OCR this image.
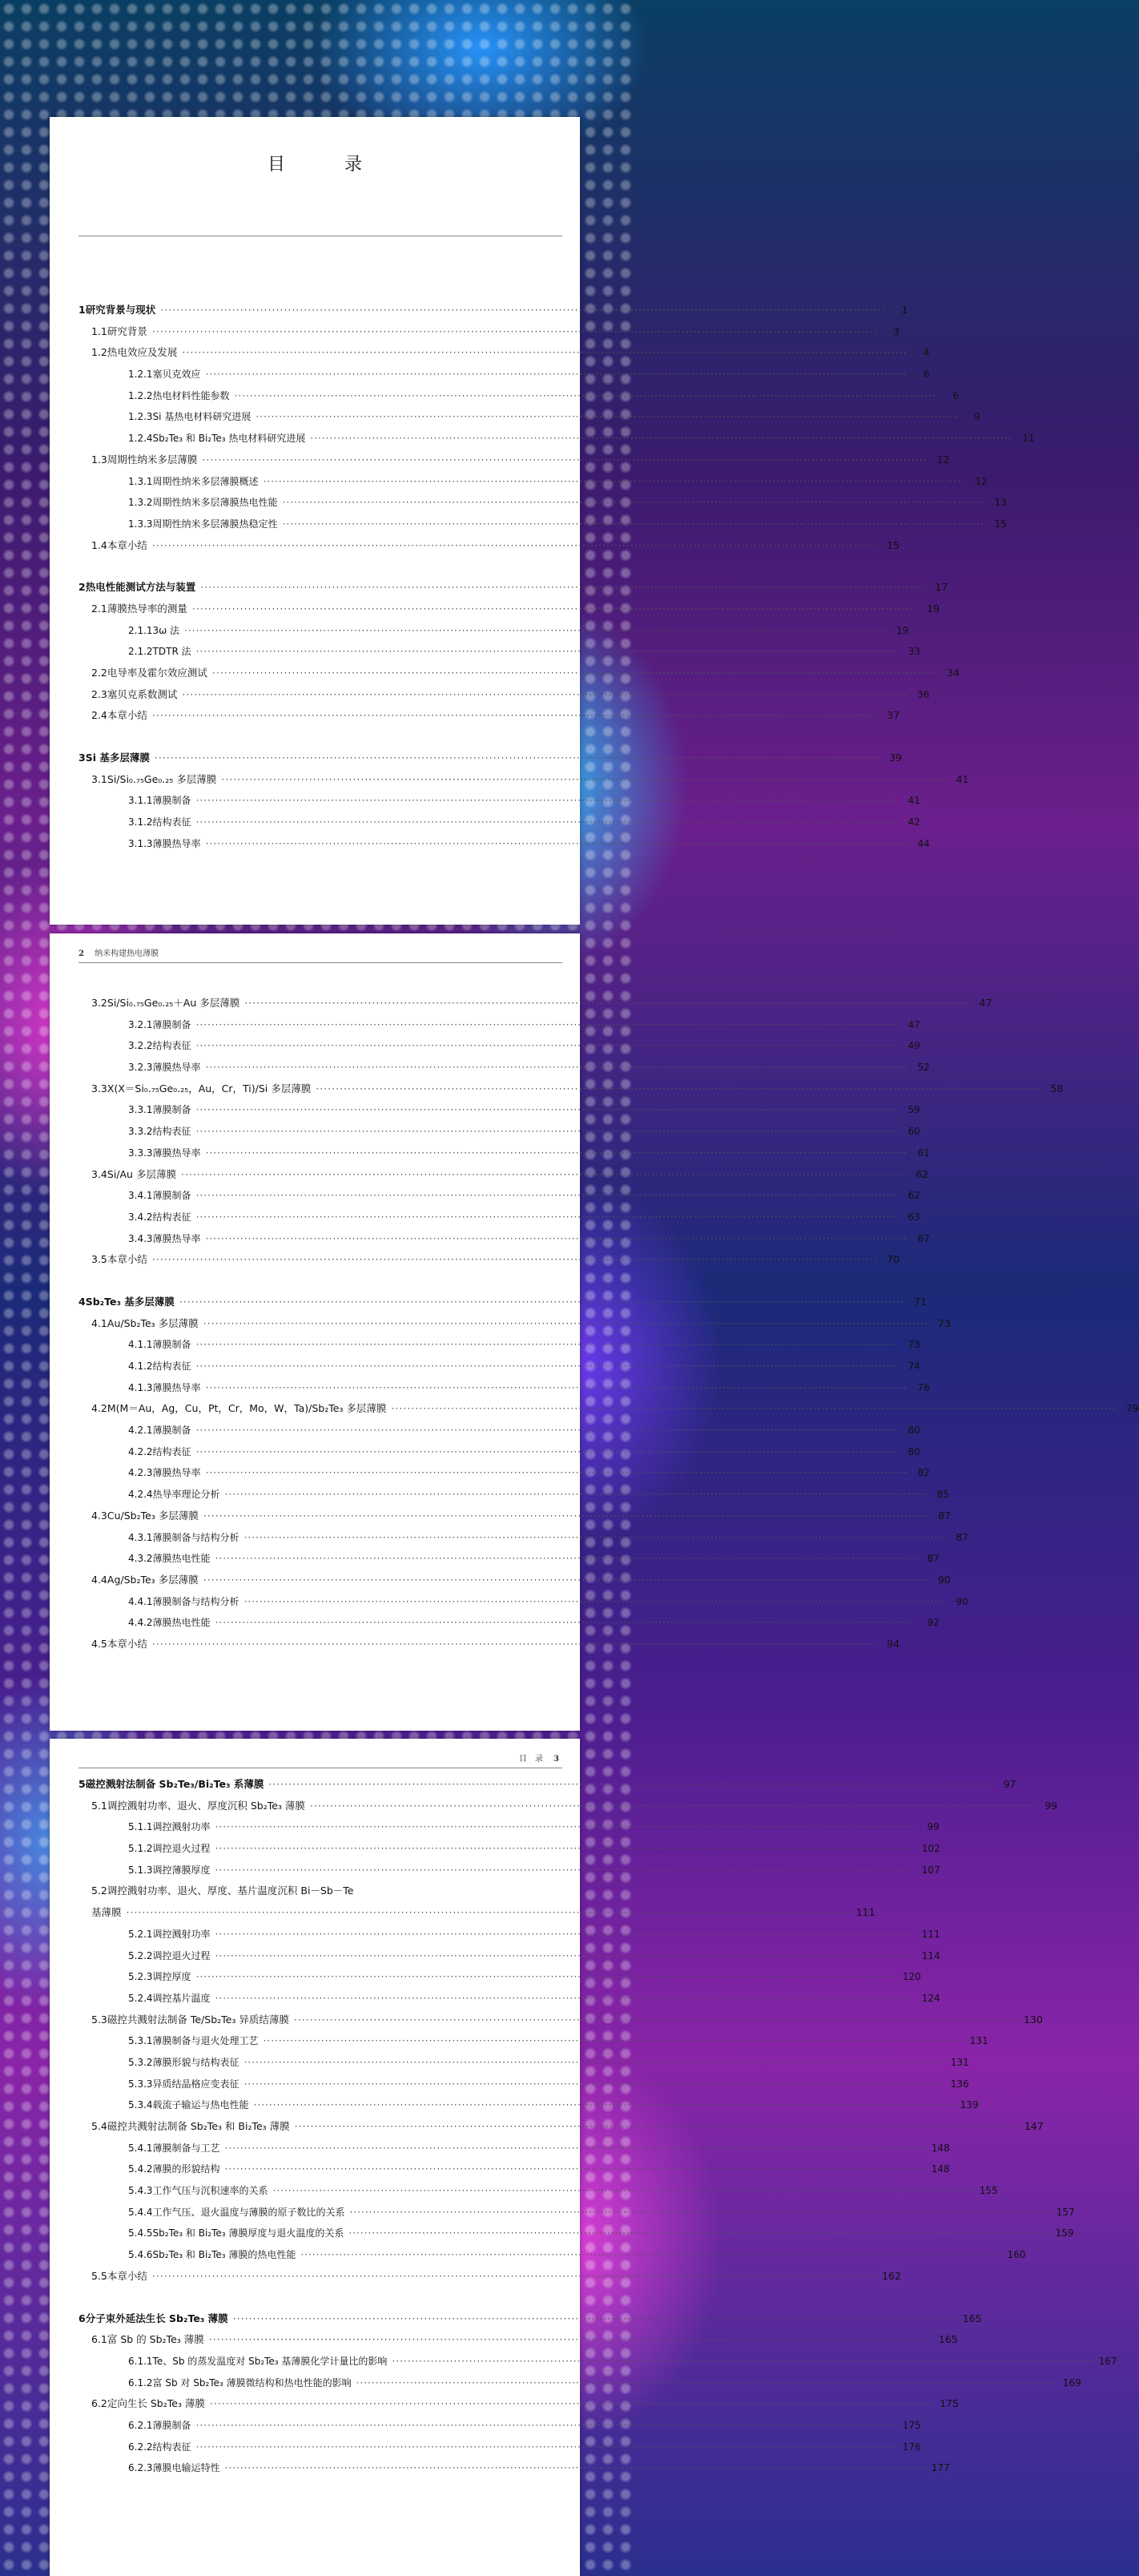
目　录
1 研究背景与现状 ·····	1
1.1 研究背景 ·····	3
1.2 热电效应及发展 ·····	4
1.2.1 塞贝克效应 ·····	6
1.2.2 热电材料性能参数 ·····	6
1.2.3 Si 基热电材料研究进展 ·····	9
1.2.4 Sb₂Te₃ 和 Bi₂Te₃ 热电材料研究进展 ·····	11
1.3 周期性纳米多层薄膜 ·····	12
1.3.1 周期性纳米多层薄膜概述 ·····	12
1.3.2 周期性纳米多层薄膜热电性能 ·····	13
1.3.3 周期性纳米多层薄膜热稳定性 ·····	15
1.4 本章小结 ·····	15
2 热电性能测试方法与装置 ·····	17
2.1 薄膜热导率的测量 ·····	19
2.1.1 3ω 法 ·····	19
2.1.2 TDTR 法 ·····	33
2.2 电导率及霍尔效应测试 ·····	34
2.3 塞贝克系数测试 ·····	36
2.4 本章小结 ·····	37
3 Si 基多层薄膜 ·····	39
3.1 Si/Si₀.₇₅Ge₀.₂₅ 多层薄膜 ·····	41
3.1.1 薄膜制备 ·····	41
3.1.2 结构表征 ·····	42
3.1.3 薄膜热导率 ·····	44
2 纳米构建热电薄膜
3.2 Si/Si₀.₇₅Ge₀.₂₅＋Au 多层薄膜 ·····	47
3.2.1 薄膜制备 ·····	47
3.2.2 结构表征 ·····	49
3.2.3 薄膜热导率 ·····	52
3.3 X(X＝Si₀.₇₅Ge₀.₂₅，Au，Cr，Ti)/Si 多层薄膜 ·····	58
3.3.1 薄膜制备 ·····	59
3.3.2 结构表征 ·····	60
3.3.3 薄膜热导率 ·····	61
3.4 Si/Au 多层薄膜 ·····	62
3.4.1 薄膜制备 ·····	62
3.4.2 结构表征 ·····	63
3.4.3 薄膜热导率 ·····	67
3.5 本章小结 ·····	70
4 Sb₂Te₃ 基多层薄膜 ·····	71
4.1 Au/Sb₂Te₃ 多层薄膜 ·····	73
4.1.1 薄膜制备 ·····	73
4.1.2 结构表征 ·····	74
4.1.3 薄膜热导率 ·····	76
4.2 M(M＝Au，Ag，Cu，Pt，Cr，Mo，W，Ta)/Sb₂Te₃ 多层薄膜 ·····	79
4.2.1 薄膜制备 ·····	80
4.2.2 结构表征 ·····	80
4.2.3 薄膜热导率 ·····	82
4.2.4 热导率理论分析 ·····	85
4.3 Cu/Sb₂Te₃ 多层薄膜 ·····	87
4.3.1 薄膜制备与结构分析 ·····	87
4.3.2 薄膜热电性能 ·····	87
4.4 Ag/Sb₂Te₃ 多层薄膜 ·····	90
4.4.1 薄膜制备与结构分析 ·····	90
4.4.2 薄膜热电性能 ·····	92
4.5 本章小结 ·····	94
目　录 3
5 磁控溅射法制备 Sb₂Te₃/Bi₂Te₃ 系薄膜 ·····	97
5.1 调控溅射功率、退火、厚度沉积 Sb₂Te₃ 薄膜 ·····	99
5.1.1 调控溅射功率 ·····	99
5.1.2 调控退火过程 ·····	102
5.1.3 调控薄膜厚度 ·····	107
5.2 调控溅射功率、退火、厚度、基片温度沉积 Bi－Sb－Te
基薄膜 ·····	111
5.2.1 调控溅射功率 ·····	111
5.2.2 调控退火过程 ·····	114
5.2.3 调控厚度 ·····	120
5.2.4 调控基片温度 ·····	124
5.3 磁控共溅射法制备 Te/Sb₂Te₃ 异质结薄膜 ·····	130
5.3.1 薄膜制备与退火处理工艺 ·····	131
5.3.2 薄膜形貌与结构表征 ·····	131
5.3.3 异质结晶格应变表征 ·····	136
5.3.4 载流子输运与热电性能 ·····	139
5.4 磁控共溅射法制备 Sb₂Te₃ 和 Bi₂Te₃ 薄膜 ·····	147
5.4.1 薄膜制备与工艺 ·····	148
5.4.2 薄膜的形貌结构 ·····	148
5.4.3 工作气压与沉积速率的关系 ·····	155
5.4.4 工作气压、退火温度与薄膜的原子数比的关系 ·····	157
5.4.5 Sb₂Te₃ 和 Bi₂Te₃ 薄膜厚度与退火温度的关系 ·····	159
5.4.6 Sb₂Te₃ 和 Bi₂Te₃ 薄膜的热电性能 ·····	160
5.5 本章小结 ·····	162
6 分子束外延法生长 Sb₂Te₃ 薄膜 ·····	165
6.1 富 Sb 的 Sb₂Te₃ 薄膜 ·····	165
6.1.1 Te、Sb 的蒸发温度对 Sb₂Te₃ 基薄膜化学计量比的影响 ·····	167
6.1.2 富 Sb 对 Sb₂Te₃ 薄膜微结构和热电性能的影响 ·····	169
6.2 定向生长 Sb₂Te₃ 薄膜 ·····	175
6.2.1 薄膜制备 ·····	175
6.2.2 结构表征 ·····	176
6.2.3 薄膜电输运特性 ·····	177
